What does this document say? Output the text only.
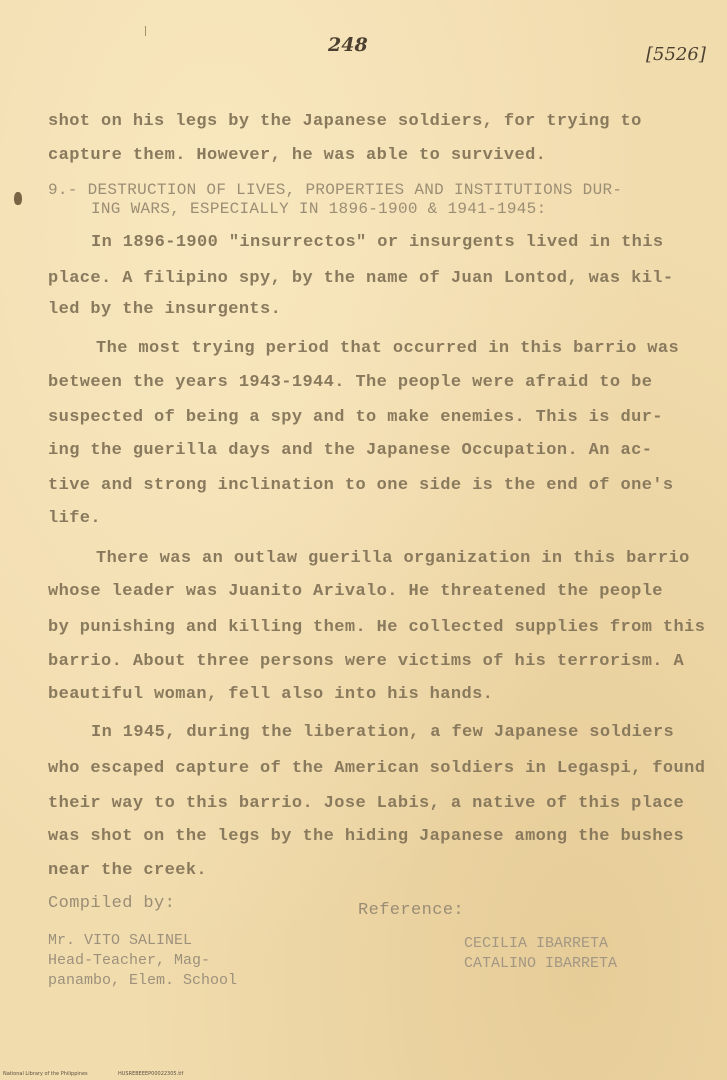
248	[5526]
shot on his legs by the Japanese soldiers, for trying to
capture them. However, he was able to survived.
9.- DESTRUCTION OF LIVES, PROPERTIES AND INSTITUTIONS DUR-
ING WARS, ESPECIALLY IN 1896-1900 & 1941-1945:
In 1896-1900 "insurrectos" or insurgents lived in this
place. A filipino spy, by the name of Juan Lontod, was kil-
led by the insurgents.
The most trying period that occurred in this barrio was
between the years 1943-1944. The people were afraid to be
suspected of being a spy and to make enemies. This is dur-
ing the guerilla days and the Japanese Occupation. An ac-
tive and strong inclination to one side is the end of one's
life.
There was an outlaw guerilla organization in this barrio
whose leader was Juanito Arivalo. He threatened the people
by punishing and killing them. He collected supplies from this
barrio. About three persons were victims of his terrorism. A
beautiful woman, fell also into his hands.
In 1945, during the liberation, a few Japanese soldiers
who escaped capture of the American soldiers in Legaspi, found
their way to this barrio. Jose Labis, a native of this place
was shot on the legs by the hiding Japanese among the bushes
near the creek.
Compiled by:	Reference:
Mr. VITO SALINEL
Head-Teacher, Mag-
panambo, Elem. School
CECILIA IBARRETA
CATALINO IBARRETA
National Library of the Philippines	HUSREBEEEP00022305.tif
